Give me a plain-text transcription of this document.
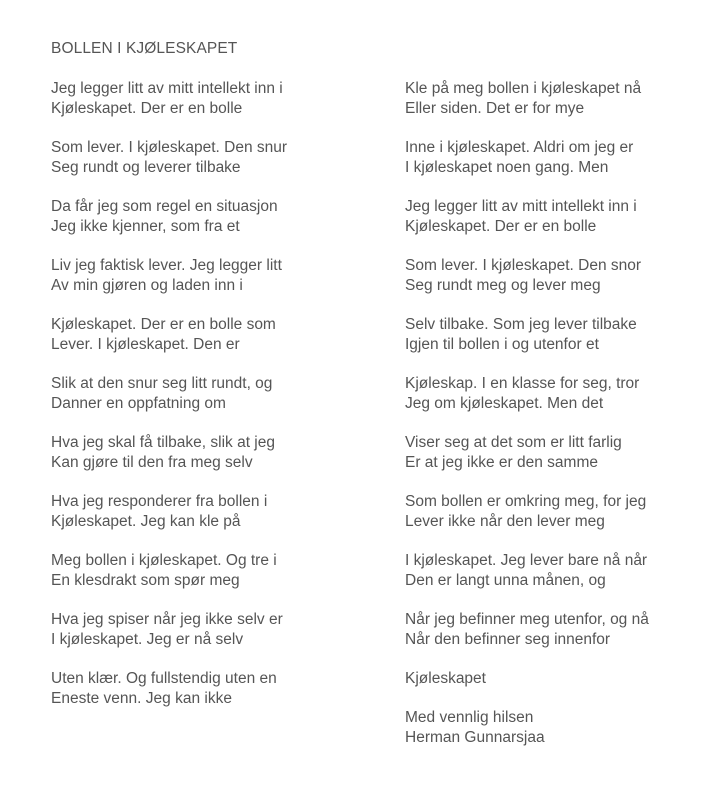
BOLLEN I KJØLESKAPET
Jeg legger litt av mitt intellekt inn i
Kjøleskapet. Der er en bolle
Som lever. I kjøleskapet. Den snur
Seg rundt og leverer tilbake
Da får jeg som regel en situasjon
Jeg ikke kjenner, som fra et
Liv jeg faktisk lever. Jeg legger litt
Av min gjøren og laden inn i
Kjøleskapet. Der er en bolle som
Lever. I kjøleskapet. Den er
Slik at den snur seg litt rundt, og
Danner en oppfatning om
Hva jeg skal få tilbake, slik at jeg
Kan gjøre til den fra meg selv
Hva jeg responderer fra bollen i
Kjøleskapet. Jeg kan kle på
Meg bollen i kjøleskapet. Og tre i
En klesdrakt som spør meg
Hva jeg spiser når jeg ikke selv er
I kjøleskapet. Jeg er nå selv
Uten klær. Og fullstendig uten en
Eneste venn. Jeg kan ikke
Kle på meg bollen i kjøleskapet nå
Eller siden. Det er for mye
Inne i kjøleskapet. Aldri om jeg er
I kjøleskapet noen gang. Men
Jeg legger litt av mitt intellekt inn i
Kjøleskapet. Der er en bolle
Som lever. I kjøleskapet. Den snor
Seg rundt meg og lever meg
Selv tilbake. Som jeg lever tilbake
Igjen til bollen i og utenfor et
Kjøleskap. I en klasse for seg, tror
Jeg om kjøleskapet. Men det
Viser seg at det som er litt farlig
Er at jeg ikke er den samme
Som bollen er omkring meg, for jeg
Lever ikke når den lever meg
I kjøleskapet. Jeg lever bare nå når
Den er langt unna månen, og
Når jeg befinner meg utenfor, og nå
Når den befinner seg innenfor
Kjøleskapet
Med vennlig hilsen
Herman Gunnarsjaa
